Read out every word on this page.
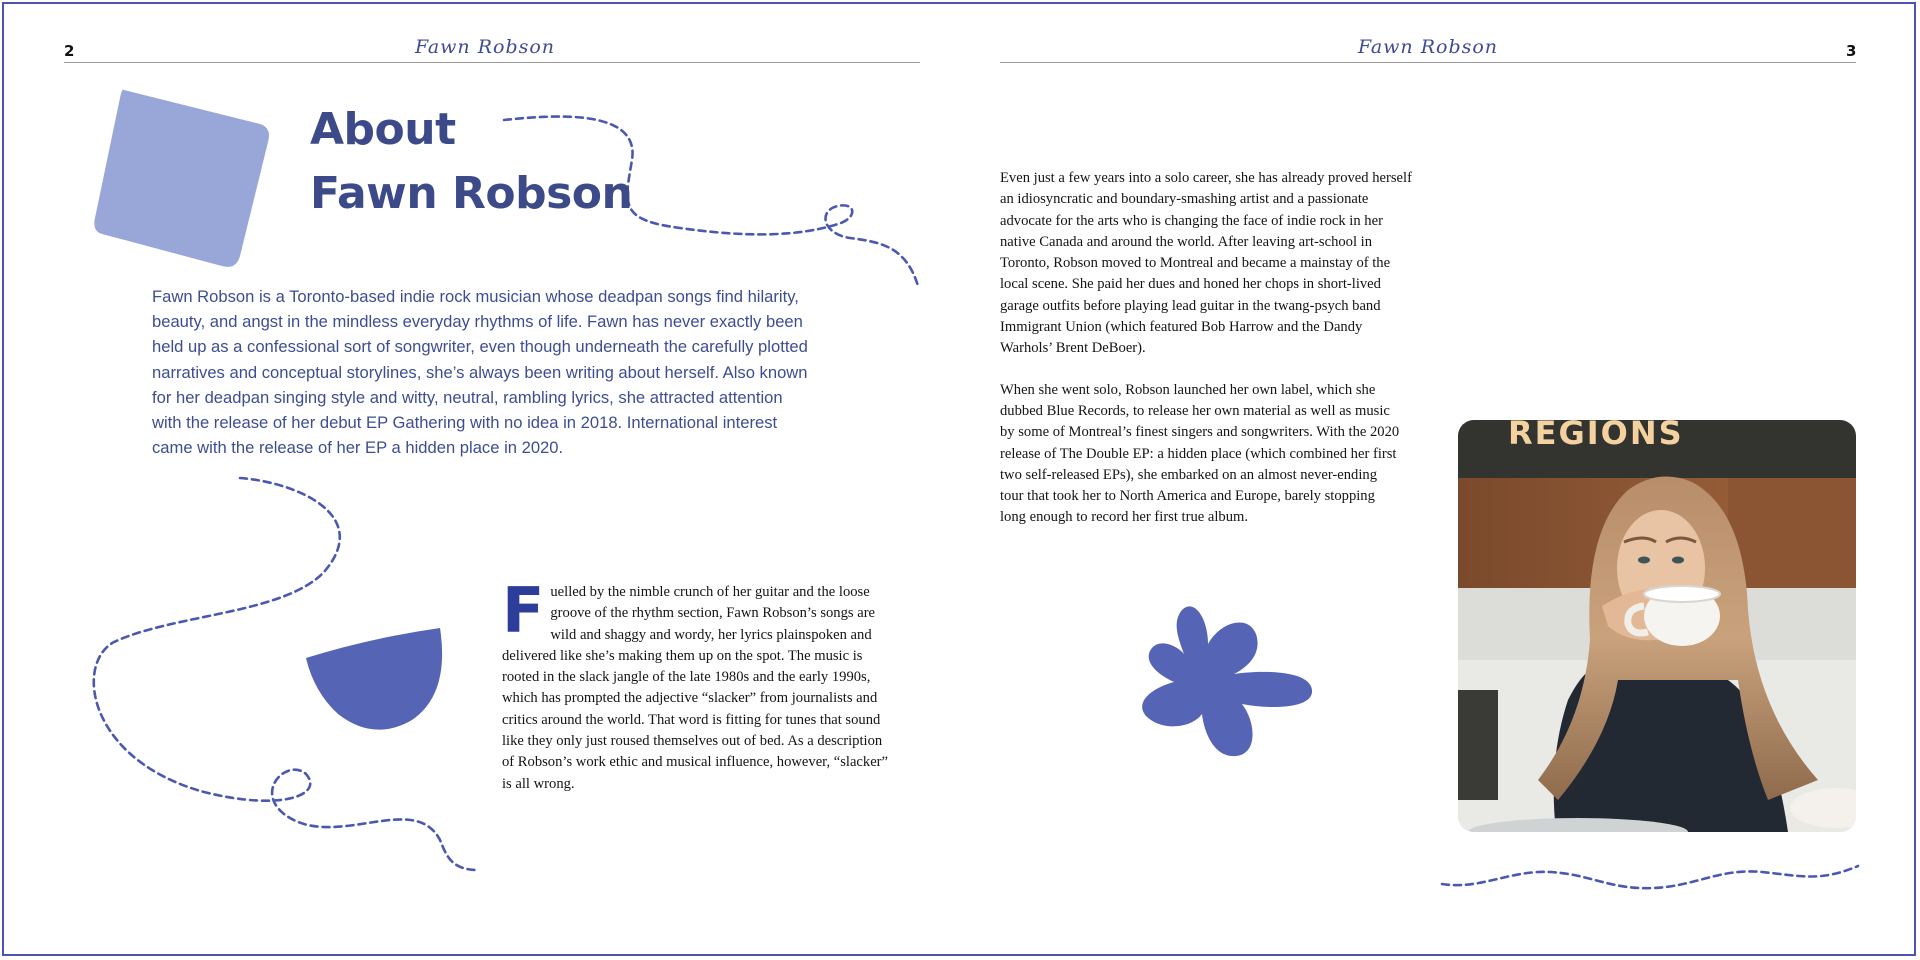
2	Fawn Robson	Fawn Robson	3
About
Fawn Robson

Fawn Robson is a Toronto-based indie rock musician whose deadpan songs find hilarity,
beauty, and angst in the mindless everyday rhythms of life. Fawn has never exactly been
held up as a confessional sort of songwriter, even though underneath the carefully plotted
narratives and conceptual storylines, she’s always been writing about herself. Also known
for her deadpan singing style and witty, neutral, rambling lyrics, she attracted attention
with the release of her debut EP Gathering with no idea in 2018. International interest
came with the release of her EP a hidden place in 2020.

F uelled by the nimble crunch of her guitar and the loose
groove of the rhythm section, Fawn Robson’s songs are
wild and shaggy and wordy, her lyrics plainspoken and
delivered like she’s making them up on the spot. The music is
rooted in the slack jangle of the late 1980s and the early 1990s,
which has prompted the adjective “slacker” from journalists and
critics around the world. That word is fitting for tunes that sound
like they only just roused themselves out of bed. As a description
of Robson’s work ethic and musical influence, however, “slacker”
is all wrong.

Even just a few years into a solo career, she has already proved herself
an idiosyncratic and boundary-smashing artist and a passionate
advocate for the arts who is changing the face of indie rock in her
native Canada and around the world. After leaving art-school in
Toronto, Robson moved to Montreal and became a mainstay of the
local scene. She paid her dues and honed her chops in short-lived
garage outfits before playing lead guitar in the twang-psych band
Immigrant Union (which featured Bob Harrow and the Dandy
Warhols’ Brent DeBoer).

When she went solo, Robson launched her own label, which she
dubbed Blue Records, to release her own material as well as music
by some of Montreal’s finest singers and songwriters. With the 2020
release of The Double EP: a hidden place (which combined her first
two self-released EPs), she embarked on an almost never-ending
tour that took her to North America and Europe, barely stopping
long enough to record her first true album.

REGIONS
